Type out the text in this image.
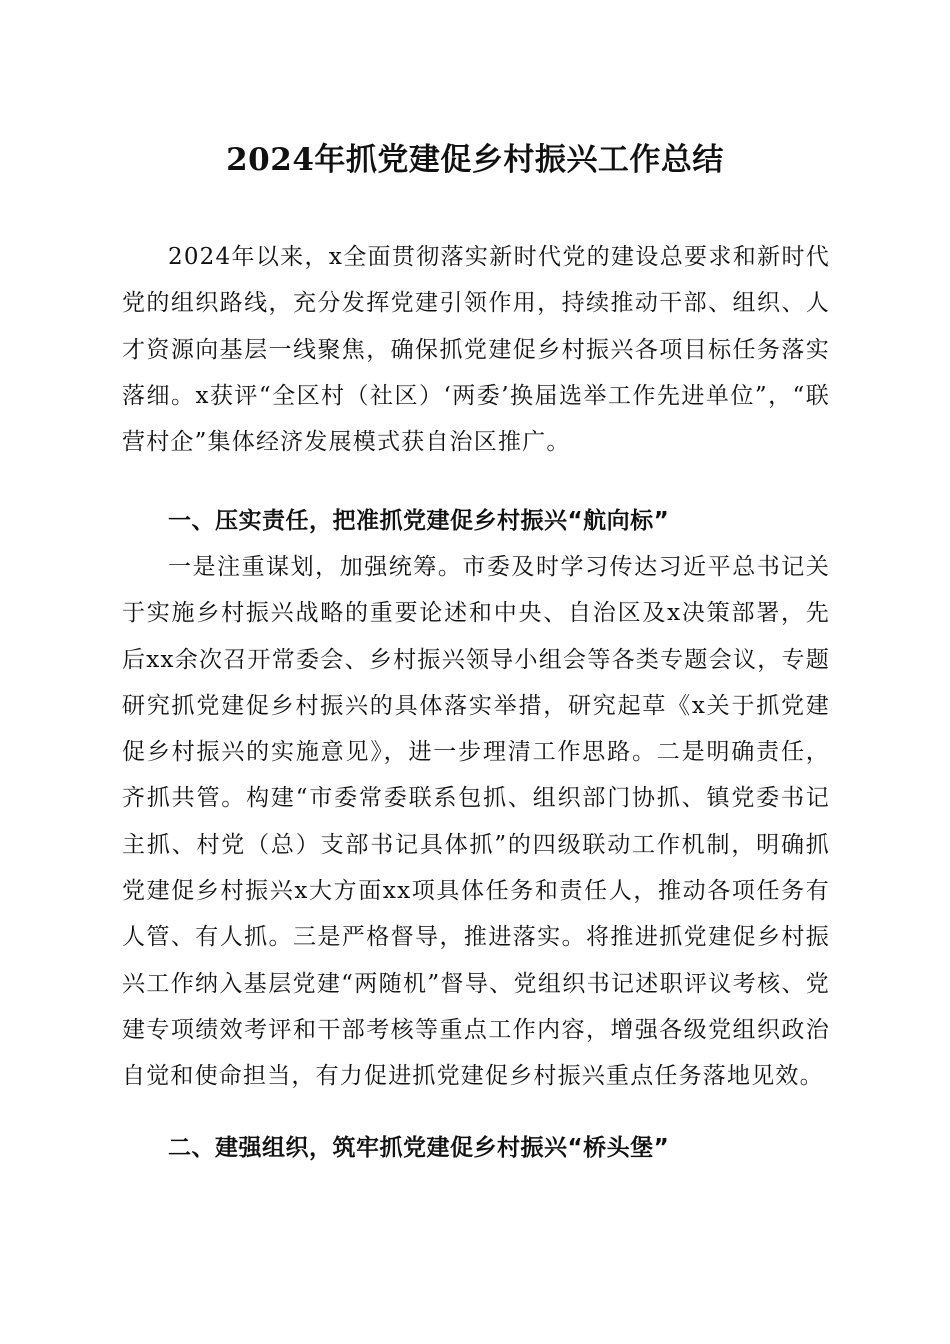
2024年抓党建促乡村振兴工作总结

2024年以来，x全面贯彻落实新时代党的建设总要求和新时代党的组织路线，充分发挥党建引领作用，持续推动干部、组织、人才资源向基层一线聚焦，确保抓党建促乡村振兴各项目标任务落实落细。x获评“全区村（社区）‘两委’换届选举工作先进单位”，“联营村企”集体经济发展模式获自治区推广。

一、压实责任，把准抓党建促乡村振兴“航向标”

一是注重谋划，加强统筹。市委及时学习传达习近平总书记关于实施乡村振兴战略的重要论述和中央、自治区及x决策部署，先后xx余次召开常委会、乡村振兴领导小组会等各类专题会议，专题研究抓党建促乡村振兴的具体落实举措，研究起草《x关于抓党建促乡村振兴的实施意见》，进一步理清工作思路。二是明确责任，齐抓共管。构建“市委常委联系包抓、组织部门协抓、镇党委书记主抓、村党（总）支部书记具体抓”的四级联动工作机制，明确抓党建促乡村振兴x大方面xx项具体任务和责任人，推动各项任务有人管、有人抓。三是严格督导，推进落实。将推进抓党建促乡村振兴工作纳入基层党建“两随机”督导、党组织书记述职评议考核、党建专项绩效考评和干部考核等重点工作内容，增强各级党组织政治自觉和使命担当，有力促进抓党建促乡村振兴重点任务落地见效。

二、建强组织，筑牢抓党建促乡村振兴“桥头堡”
